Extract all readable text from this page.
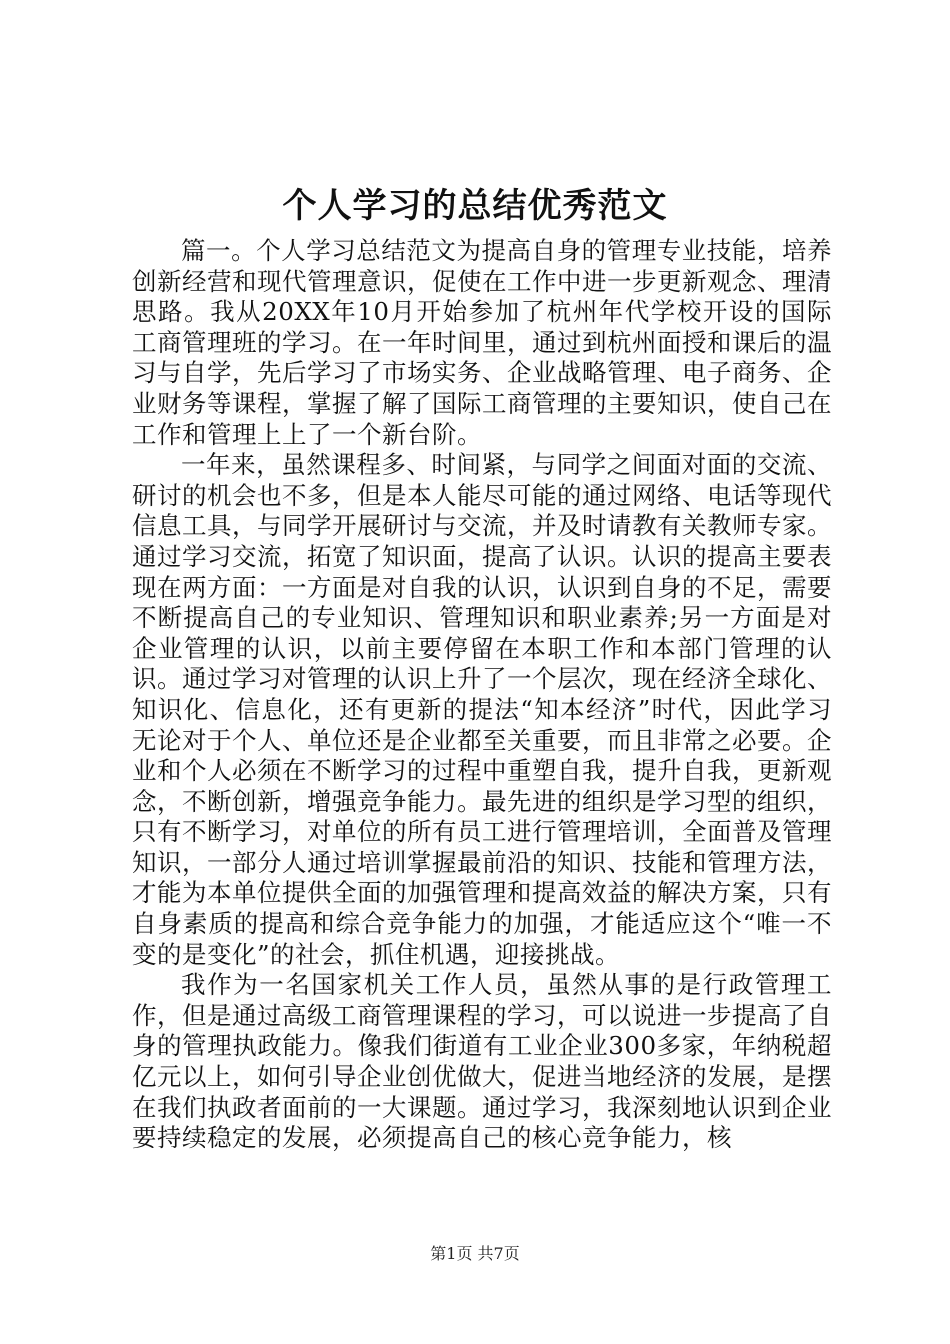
个人学习的总结优秀范文

篇一。个人学习总结范文为提高自身的管理专业技能，培养创新经营和现代管理意识，促使在工作中进一步更新观念、理清思路。我从20XX年10月开始参加了杭州年代学校开设的国际工商管理班的学习。在一年时间里，通过到杭州面授和课后的温习与自学，先后学习了市场实务、企业战略管理、电子商务、企业财务等课程，掌握了解了国际工商管理的主要知识，使自己在工作和管理上上了一个新台阶。

一年来，虽然课程多、时间紧，与同学之间面对面的交流、研讨的机会也不多，但是本人能尽可能的通过网络、电话等现代信息工具，与同学开展研讨与交流，并及时请教有关教师专家。通过学习交流，拓宽了知识面，提高了认识。认识的提高主要表现在两方面：一方面是对自我的认识，认识到自身的不足，需要不断提高自己的专业知识、管理知识和职业素养;另一方面是对企业管理的认识，以前主要停留在本职工作和本部门管理的认识。通过学习对管理的认识上升了一个层次，现在经济全球化、知识化、信息化，还有更新的提法“知本经济”时代，因此学习无论对于个人、单位还是企业都至关重要，而且非常之必要。企业和个人必须在不断学习的过程中重塑自我，提升自我，更新观念，不断创新，增强竞争能力。最先进的组织是学习型的组织，只有不断学习，对单位的所有员工进行管理培训，全面普及管理知识，一部分人通过培训掌握最前沿的知识、技能和管理方法，才能为本单位提供全面的加强管理和提高效益的解决方案，只有自身素质的提高和综合竞争能力的加强，才能适应这个“唯一不变的是变化”的社会，抓住机遇，迎接挑战。

我作为一名国家机关工作人员，虽然从事的是行政管理工作，但是通过高级工商管理课程的学习，可以说进一步提高了自身的管理执政能力。像我们街道有工业企业300多家，年纳税超亿元以上，如何引导企业创优做大，促进当地经济的发展，是摆在我们执政者面前的一大课题。通过学习，我深刻地认识到企业要持续稳定的发展，必须提高自己的核心竞争能力，核

第1页 共7页
